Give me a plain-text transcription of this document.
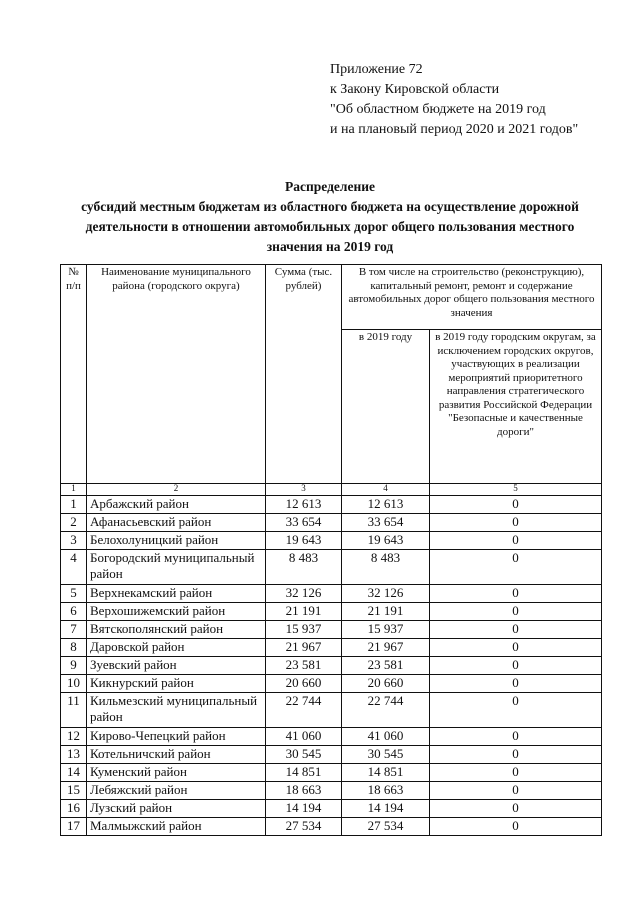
Приложение 72
к Закону Кировской области
"Об областном бюджете на 2019 год
и на плановый период 2020 и 2021 годов"
Распределение
субсидий местным бюджетам из областного бюджета на осуществление дорожной
деятельности в отношении автомобильных дорог общего пользования местного
значения на 2019 год
№ п/п	Наименование муниципального района (городского округа)	Сумма (тыс. рублей)	В том числе на строительство (реконструкцию), капитальный ремонт, ремонт и содержание автомобильных дорог общего пользования местного значения	
			в 2019 году	в 2019 году городским округам, за исключением городских округов, участвующих в реализации мероприятий приоритетного направления стратегического развития Российской Федерации "Безопасные и качественные дороги"
1	2	3	4	5
1	Арбажский район	12 613	12 613	0
2	Афанасьевский район	33 654	33 654	0
3	Белохолуницкий район	19 643	19 643	0
4	Богородский муниципальный район	8 483	8 483	0
5	Верхнекамский район	32 126	32 126	0
6	Верхошижемский район	21 191	21 191	0
7	Вятскополянский район	15 937	15 937	0
8	Даровской район	21 967	21 967	0
9	Зуевский район	23 581	23 581	0
10	Кикнурский район	20 660	20 660	0
11	Кильмезский муниципальный район	22 744	22 744	0
12	Кирово-Чепецкий район	41 060	41 060	0
13	Котельничский район	30 545	30 545	0
14	Куменский район	14 851	14 851	0
15	Лебяжский район	18 663	18 663	0
16	Лузский район	14 194	14 194	0
17	Малмыжский район	27 534	27 534	0
